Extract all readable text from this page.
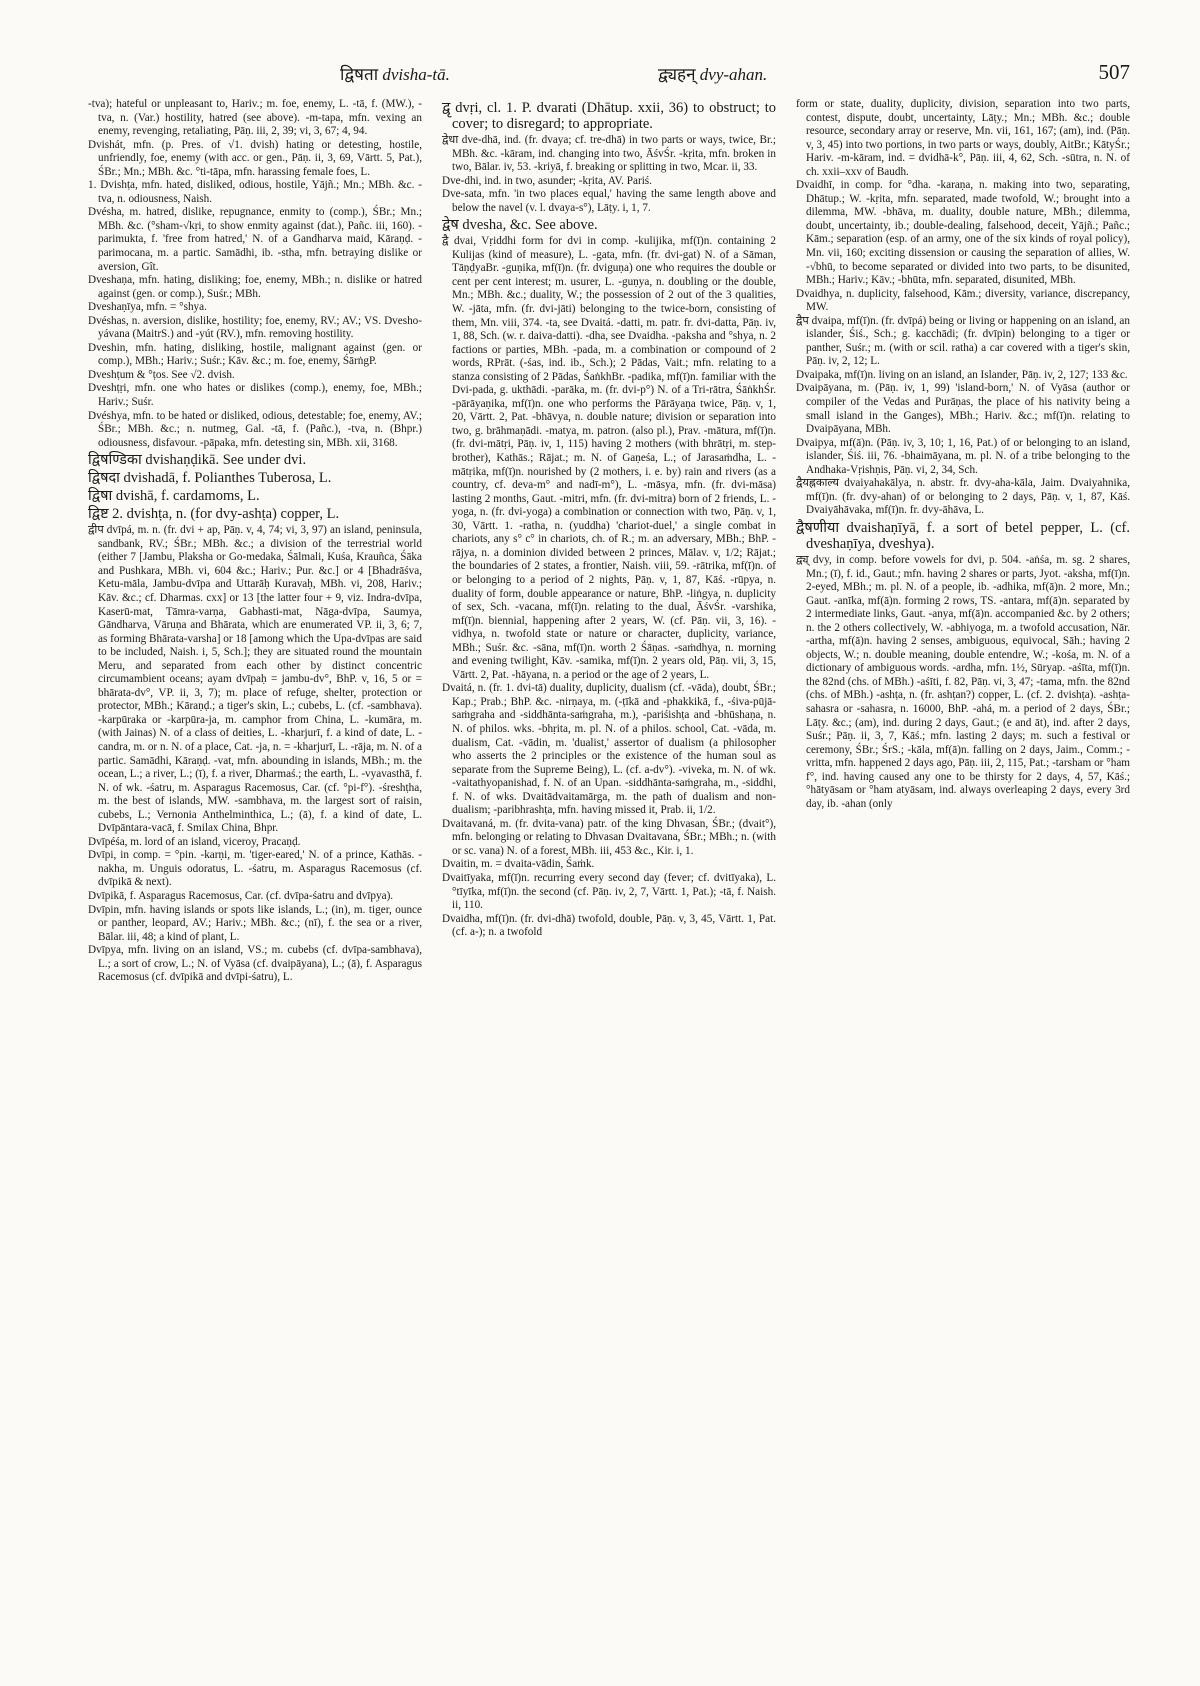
द्विषता dvisha-tā.	द्व्यहन् dvy-ahan.	507

-tva); hateful or unpleasant to, Hariv.; m. foe, enemy, L. -tā, f. (MW.), -tva, n. (Var.) hostility, hatred (see above). -m-tapa, mfn. vexing an enemy, revenging, retaliating, Pāṇ. iii, 2, 39; vi, 3, 67; 4, 94.

Dvishát, mfn. (p. Pres. of √1. dvish) hating or detesting, hostile, unfriendly, foe, enemy (with acc. or gen., Pāṇ. ii, 3, 69, Vārtt. 5, Pat.), ŚBr.; Mn.; MBh. &c. °ti-tāpa, mfn. harassing female foes, L.

1. Dvishṭa, mfn. hated, disliked, odious, hostile, Yājñ.; Mn.; MBh. &c. -tva, n. odiousness, Naish.

Dvésha, m. hatred, dislike, repugnance, enmity to (comp.), ŚBr.; Mn.; MBh. &c. (°sham-√kṛi, to show enmity against (dat.), Pañc. iii, 160). -parimukta, f. 'free from hatred,' N. of a Gandharva maid, Kāraṇḍ. -parimocana, m. a partic. Samādhi, ib. -stha, mfn. betraying dislike or aversion, Gît.

Dveshaṇa, mfn. hating, disliking; foe, enemy, MBh.; n. dislike or hatred against (gen. or comp.), Suśr.; MBh.

Dveshaṇīya, mfn. = °shya.

Dvéshas, n. aversion, dislike, hostility; foe, enemy, RV.; AV.; VS. Dvesho-yávana (MaitrS.) and -yút (RV.), mfn. removing hostility.

Dveshin, mfn. hating, disliking, hostile, malignant against (gen. or comp.), MBh.; Hariv.; Suśr.; Kāv. &c.; m. foe, enemy, ŚārṅgP.

Dveshṭum & °ṭos. See √2. dvish.

Dveshṭṛi, mfn. one who hates or dislikes (comp.), enemy, foe, MBh.; Hariv.; Suśr.

Dvéshya, mfn. to be hated or disliked, odious, detestable; foe, enemy, AV.; ŚBr.; MBh. &c.; n. nutmeg, Gal. -tā, f. (Pañc.), -tva, n. (Bhpr.) odiousness, disfavour. -pāpaka, mfn. detesting sin, MBh. xii, 3168.

द्विषण्डिका dvishaṇḍikā. See under dvi.

द्विषदा dvishadā, f. Polianthes Tuberosa, L.

द्विषा dvishā, f. cardamoms, L.

द्विष्ट 2. dvishṭa, n. (for dvy-ashṭa) copper, L.

द्वीप dvīpá, m. n. (fr. dvi + ap, Pāṇ. v, 4, 74; vi, 3, 97) an island, peninsula, sandbank, RV.; ŚBr.; MBh. &c.; a division of the terrestrial world (either 7 [Jambu, Plaksha or Go-medaka, Śālmali, Kuśa, Krauñca, Śāka and Pushkara, MBh. vi, 604 &c.; Hariv.; Pur. &c.] or 4 [Bhadrāśva, Ketu-māla, Jambu-dvīpa and Uttarāḥ Kuravaḥ, MBh. vi, 208, Hariv.; Kāv. &c.; cf. Dharmas. cxx] or 13 [the latter four + 9, viz. Indra-dvīpa, Kaserū-mat, Tāmra-varṇa, Gabhasti-mat, Nāga-dvīpa, Saumya, Gāndharva, Vāruṇa and Bhārata, which are enumerated VP. ii, 3, 6; 7, as forming Bhārata-varsha] or 18 [among which the Upa-dvīpas are said to be included, Naish. i, 5, Sch.]; they are situated round the mountain Meru, and separated from each other by distinct concentric circumambient oceans; ayam dvīpaḥ = jambu-dv°, BhP. v, 16, 5 or = bhārata-dv°, VP. ii, 3, 7); m. place of refuge, shelter, protection or protector, MBh.; Kāraṇḍ.; a tiger's skin, L.; cubebs, L. (cf. -sambhava). -karpūraka or -karpūra-ja, m. camphor from China, L. -kumāra, m. (with Jainas) N. of a class of deities, L. -kharjurī, f. a kind of date, L. -candra, m. or n. N. of a place, Cat. -ja, n. = -kharjurī, L. -rāja, m. N. of a partic. Samādhi, Kāraṇḍ. -vat, mfn. abounding in islands, MBh.; m. the ocean, L.; a river, L.; (ī), f. a river, Dharmaś.; the earth, L. -vyavasthā, f. N. of wk. -śatru, m. Asparagus Racemosus, Car. (cf. °pi-f°). -śreshṭha, m. the best of islands, MW. -sambhava, m. the largest sort of raisin, cubebs, L.; Vernonia Anthelminthica, L.; (ā), f. a kind of date, L. Dvīpāntara-vacā, f. Smilax China, Bhpr.

Dvīpéśa, m. lord of an island, viceroy, Pracaṇḍ.

Dvīpi, in comp. = °pin. -karṇi, m. 'tiger-eared,' N. of a prince, Kathās. -nakha, m. Unguis odoratus, L. -śatru, m. Asparagus Racemosus (cf. dvīpikā & next).

Dvīpikā, f. Asparagus Racemosus, Car. (cf. dvīpa-śatru and dvīpya).

Dvīpin, mfn. having islands or spots like islands, L.; (in), m. tiger, ounce or panther, leopard, AV.; Hariv.; MBh. &c.; (nī), f. the sea or a river, Bālar. iii, 48; a kind of plant, L.

Dvīpya, mfn. living on an island, VS.; m. cubebs (cf. dvīpa-sambhava), L.; a sort of crow, L.; N. of Vyāsa (cf. dvaipāyana), L.; (ā), f. Asparagus Racemosus (cf. dvīpikā and dvīpi-śatru), L.

द्वृ dvṛi, cl. 1. P. dvarati (Dhātup. xxii, 36) to obstruct; to cover; to disregard; to appropriate.

द्वेधा dve-dhā, ind. (fr. dvaya; cf. tre-dhā) in two parts or ways, twice, Br.; MBh. &c. -kāram, ind. changing into two, ĀśvŚr. -kṛita, mfn. broken in two, Bālar. iv, 53. -kriyā, f. breaking or splitting in two, Mcar. ii, 33.

Dve-dhi, ind. in two, asunder; -kṛita, AV. Pariś.

Dve-sata, mfn. 'in two places equal,' having the same length above and below the navel (v. l. dvaya-s°), Lāṭy. i, 1, 7.

द्वेष dvesha, &c. See above.

द्वै dvai, Vṛiddhi form for dvi in comp. -kulijika, mf(ī)n. containing 2 Kulijas (kind of measure), L. -gata, mfn. (fr. dvi-gat) N. of a Sāman, TāṇḍyaBr. -guṇika, mf(ī)n. (fr. dviguṇa) one who requires the double or cent per cent interest; m. usurer, L. -guṇya, n. doubling or the double, Mn.; MBh. &c.; duality, W.; the possession of 2 out of the 3 qualities, W. -jāta, mfn. (fr. dvi-jāti) belonging to the twice-born, consisting of them, Mn. viii, 374. -ta, see Dvaitá. -datti, m. patr. fr. dvi-datta, Pāṇ. iv, 1, 88, Sch. (w. r. daiva-datti). -dha, see Dvaidha. -paksha and °shya, n. 2 factions or parties, MBh. -pada, m. a combination or compound of 2 words, RPrāt. (-śas, ind. ib., Sch.); 2 Pādas, Vait.; mfn. relating to a stanza consisting of 2 Pādas, ŚaṅkhBr. -padika, mf(ī)n. familiar with the Dvi-pada, g. ukthādi. -parāka, m. (fr. dvi-p°) N. of a Tri-rātra, ŚāṅkhŚr. -pārāyaṇika, mf(ī)n. one who performs the Pārāyaṇa twice, Pāṇ. v, 1, 20, Vārtt. 2, Pat. -bhāvya, n. double nature; division or separation into two, g. brāhmaṇādi. -matya, m. patron. (also pl.), Prav. -mātura, mf(ī)n. (fr. dvi-mātṛi, Pāṇ. iv, 1, 115) having 2 mothers (with bhrātṛi, m. step-brother), Kathās.; Rājat.; m. N. of Gaṇeśa, L.; of Jarasaṁdha, L. -mātṛika, mf(ī)n. nourished by (2 mothers, i. e. by) rain and rivers (as a country, cf. deva-m° and nadī-m°), L. -māsya, mfn. (fr. dvi-māsa) lasting 2 months, Gaut. -mitri, mfn. (fr. dvi-mitra) born of 2 friends, L. -yoga, n. (fr. dvi-yoga) a combination or connection with two, Pāṇ. v, 1, 30, Vārtt. 1. -ratha, n. (yuddha) 'chariot-duel,' a single combat in chariots, any s° c° in chariots, ch. of R.; m. an adversary, MBh.; BhP. -rājya, n. a dominion divided between 2 princes, Mālav. v, 1/2; Rājat.; the boundaries of 2 states, a frontier, Naish. viii, 59. -rātrika, mf(ī)n. of or belonging to a period of 2 nights, Pāṇ. v, 1, 87, Kāś. -rūpya, n. duality of form, double appearance or nature, BhP. -liṅgya, n. duplicity of sex, Sch. -vacana, mf(ī)n. relating to the dual, ĀśvŚr. -varshika, mf(ī)n. biennial, happening after 2 years, W. (cf. Pāṇ. vii, 3, 16). -vidhya, n. twofold state or nature or character, duplicity, variance, MBh.; Suśr. &c. -sāna, mf(ī)n. worth 2 Śāṇas. -saṁdhya, n. morning and evening twilight, Kāv. -samika, mf(ī)n. 2 years old, Pāṇ. vii, 3, 15, Vārtt. 2, Pat. -hāyana, n. a period or the age of 2 years, L.

Dvaitá, n. (fr. 1. dvi-tā) duality, duplicity, dualism (cf. -vāda), doubt, ŚBr.; Kap.; Prab.; BhP. &c. -nirṇaya, m. (-ṭīkā and -phakkikā, f., -śiva-pūjā-saṁgraha and -siddhānta-saṁgraha, m.), -pariśishṭa and -bhūshaṇa, n. N. of philos. wks. -bhṛita, m. pl. N. of a philos. school, Cat. -vāda, m. dualism, Cat. -vādin, m. 'dualist,' assertor of dualism (a philosopher who asserts the 2 principles or the existence of the human soul as separate from the Supreme Being), L. (cf. a-dv°). -viveka, m. N. of wk. -vaitathyopanishad, f. N. of an Upan. -siddhānta-saṁgraha, m., -siddhi, f. N. of wks. Dvaitādvaitamārga, m. the path of dualism and non-dualism; -paribhrashṭa, mfn. having missed it, Prab. ii, 1/2.

Dvaitavaná, m. (fr. dvita-vana) patr. of the king Dhvasan, ŚBr.; (dvait°), mfn. belonging or relating to Dhvasan Dvaitavana, ŚBr.; MBh.; n. (with or sc. vana) N. of a forest, MBh. iii, 453 &c., Kir. i, 1.

Dvaitin, m. = dvaita-vādin, Śaṁk.

Dvaitīyaka, mf(ī)n. recurring every second day (fever; cf. dvitīyaka), L. °tīyīka, mf(ī)n. the second (cf. Pāṇ. iv, 2, 7, Vārtt. 1, Pat.); -tā, f. Naish. ii, 110.

Dvaidha, mf(ī)n. (fr. dvi-dhā) twofold, double, Pāṇ. v, 3, 45, Vārtt. 1, Pat. (cf. a-); n. a twofold

form or state, duality, duplicity, division, separation into two parts, contest, dispute, doubt, uncertainty, Lāṭy.; Mn.; MBh. &c.; double resource, secondary array or reserve, Mn. vii, 161, 167; (am), ind. (Pāṇ. v, 3, 45) into two portions, in two parts or ways, doubly, AitBr.; KātyŚr.; Hariv. -m-kāram, ind. = dvidhā-k°, Pāṇ. iii, 4, 62, Sch. -sūtra, n. N. of ch. xxii–xxv of Baudh.

Dvaidhī, in comp. for °dha. -karaṇa, n. making into two, separating, Dhātup.; W. -kṛita, mfn. separated, made twofold, W.; brought into a dilemma, MW. -bhāva, m. duality, double nature, MBh.; dilemma, doubt, uncertainty, ib.; double-dealing, falsehood, deceit, Yājñ.; Pañc.; Kām.; separation (esp. of an army, one of the six kinds of royal policy), Mn. vii, 160; exciting dissension or causing the separation of allies, W. -√bhū, to become separated or divided into two parts, to be disunited, MBh.; Hariv.; Kāv.; -bhūta, mfn. separated, disunited, MBh.

Dvaidhya, n. duplicity, falsehood, Kām.; diversity, variance, discrepancy, MW.

द्वैप dvaipa, mf(ī)n. (fr. dvīpá) being or living or happening on an island, an islander, Śiś., Sch.; g. kacchādi; (fr. dvīpin) belonging to a tiger or panther, Suśr.; m. (with or scil. ratha) a car covered with a tiger's skin, Pāṇ. iv, 2, 12; L.

Dvaipaka, mf(ī)n. living on an island, an Islander, Pāṇ. iv, 2, 127; 133 &c.

Dvaipāyana, m. (Pāṇ. iv, 1, 99) 'island-born,' N. of Vyāsa (author or compiler of the Vedas and Purāṇas, the place of his nativity being a small island in the Ganges), MBh.; Hariv. &c.; mf(ī)n. relating to Dvaipāyana, MBh.

Dvaipya, mf(ā)n. (Pāṇ. iv, 3, 10; 1, 16, Pat.) of or belonging to an island, islander, Śiś. iii, 76. -bhaimāyana, m. pl. N. of a tribe belonging to the Andhaka-Vṛishṇis, Pāṇ. vi, 2, 34, Sch.

द्वैयह्नकाल्य dvaiyahakālya, n. abstr. fr. dvy-aha-kāla, Jaim. Dvaiyahnika, mf(ī)n. (fr. dvy-ahan) of or belonging to 2 days, Pāṇ. v, 1, 87, Kāś. Dvaiyāhāvaka, mf(ī)n. fr. dvy-āhāva, L.

द्वैषणीया dvaishaṇīyā, f. a sort of betel pepper, L. (cf. dveshaṇīya, dveshya).

द्व्य् dvy, in comp. before vowels for dvi, p. 504. -aṅśa, m. sg. 2 shares, Mn.; (ī), f. id., Gaut.; mfn. having 2 shares or parts, Jyot. -aksha, mf(ī)n. 2-eyed, MBh.; m. pl. N. of a people, ib. -adhika, mf(ā)n. 2 more, Mn.; Gaut. -anīka, mf(ā)n. forming 2 rows, TS. -antara, mf(ā)n. separated by 2 intermediate links, Gaut. -anya, mf(ā)n. accompanied &c. by 2 others; n. the 2 others collectively, W. -abhiyoga, m. a twofold accusation, Nār. -artha, mf(ā)n. having 2 senses, ambiguous, equivocal, Sāh.; having 2 objects, W.; n. double meaning, double entendre, W.; -kośa, m. N. of a dictionary of ambiguous words. -ardha, mfn. 1½, Sūryap. -aśīta, mf(ī)n. the 82nd (chs. of MBh.) -aśīti, f. 82, Pāṇ. vi, 3, 47; -tama, mfn. the 82nd (chs. of MBh.) -ashṭa, n. (fr. ashṭan?) copper, L. (cf. 2. dvishṭa). -ashṭa-sahasra or -sahasra, n. 16000, BhP. -ahá, m. a period of 2 days, ŚBr.; Lāṭy. &c.; (am), ind. during 2 days, Gaut.; (e and āt), ind. after 2 days, Suśr.; Pāṇ. ii, 3, 7, Kāś.; mfn. lasting 2 days; m. such a festival or ceremony, ŚBr.; ŚrS.; -kāla, mf(ā)n. falling on 2 days, Jaim., Comm.; -vritta, mfn. happened 2 days ago, Pāṇ. iii, 2, 115, Pat.; -tarsham or °ham f°, ind. having caused any one to be thirsty for 2 days, 4, 57, Kāś.; °hātyāsam or °ham atyāsam, ind. always overleaping 2 days, every 3rd day, ib. -ahan (only
